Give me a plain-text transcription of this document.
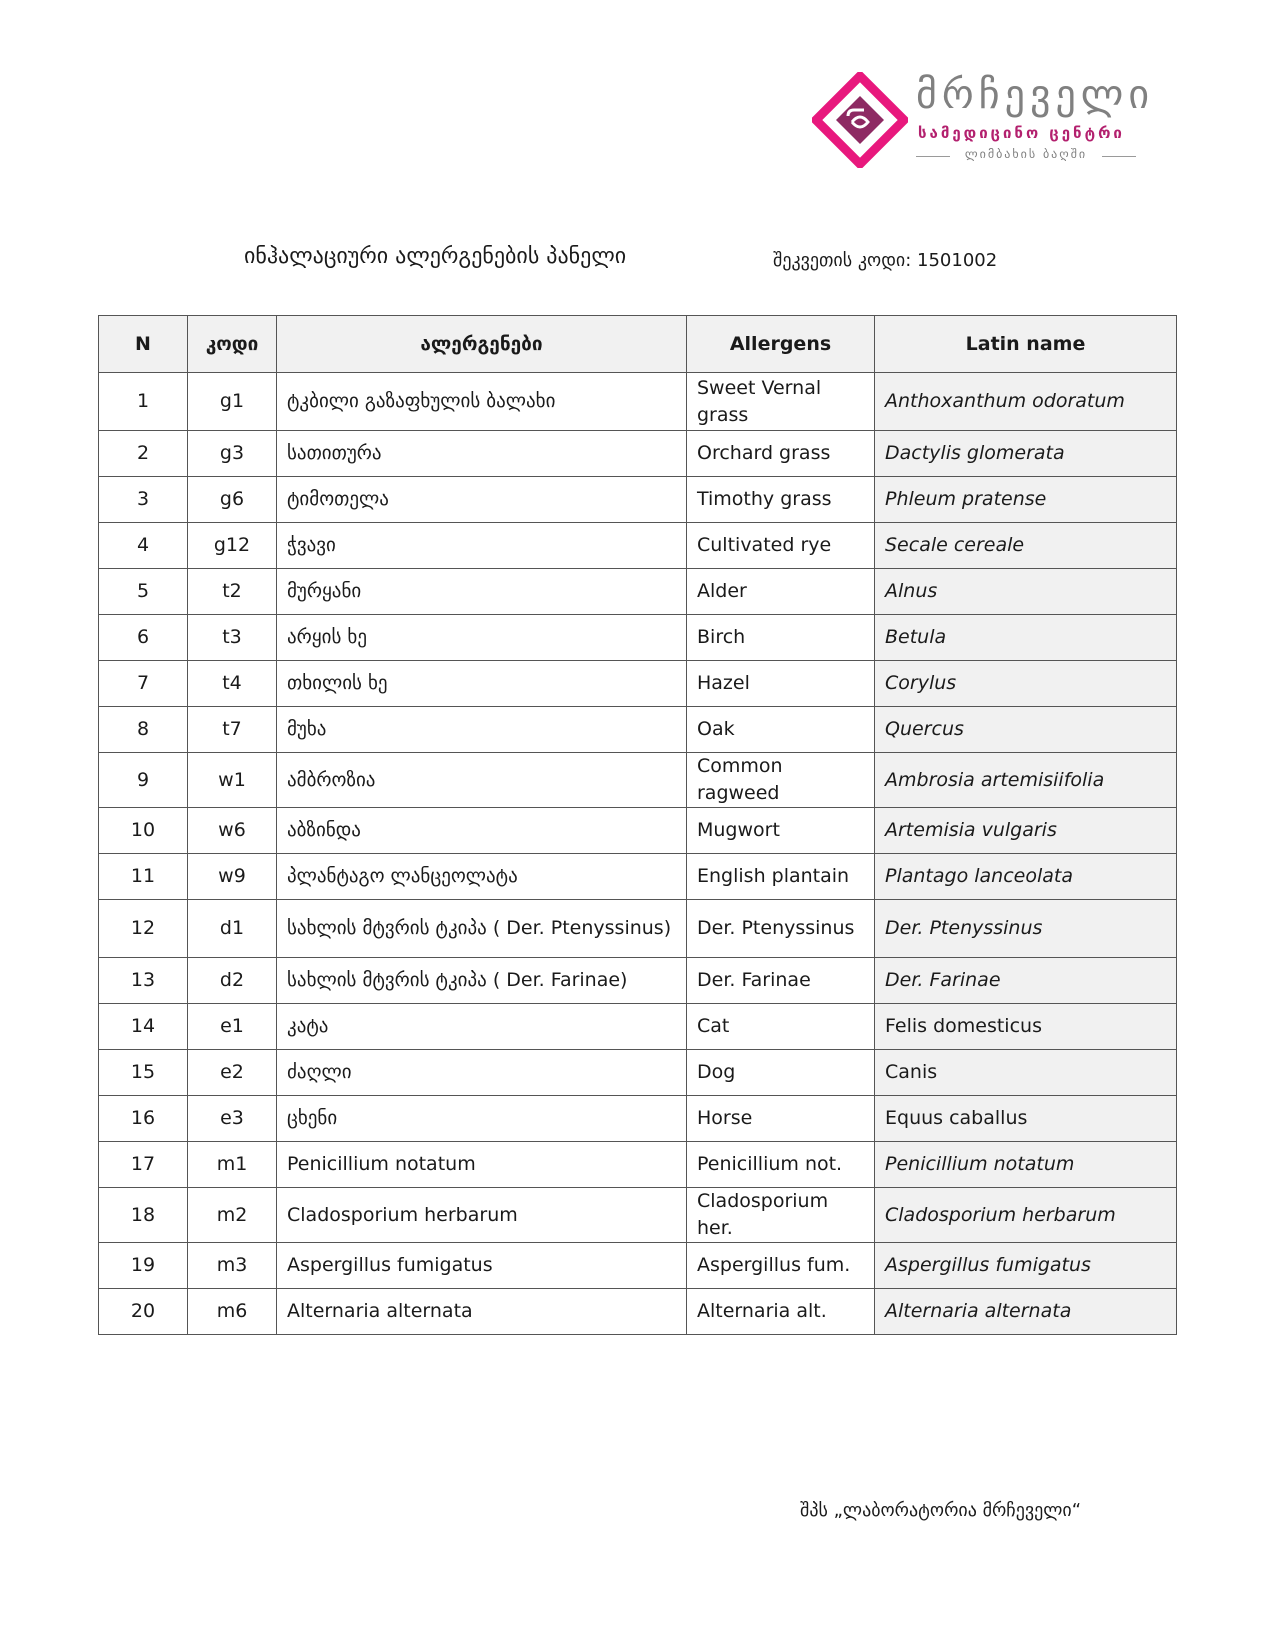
მრჩეველი
სამედიცინო ცენტრი
ლიმბახის ბაღში
ინჰალაციური ალერგენების პანელი	შეკვეთის კოდი: 1501002
N	კოდი	ალერგენები	Allergens	Latin name

1	g1	ტკბილი გაზაფხულის ბალახი	Sweet Vernal grass	Anthoxanthum odoratum

2	g3	სათითურა	Orchard grass	Dactylis glomerata

3	g6	ტიმოთელა	Timothy grass	Phleum pratense

4	g12	ჭვავი	Cultivated rye	Secale cereale

5	t2	მურყანი	Alder	Alnus

6	t3	არყის ხე	Birch	Betula

7	t4	თხილის ხე	Hazel	Corylus

8	t7	მუხა	Oak	Quercus

9	w1	ამბროზია	Common ragweed	Ambrosia artemisiifolia

10	w6	აბზინდა	Mugwort	Artemisia vulgaris

11	w9	პლანტაგო ლანცეოლატა	English plantain	Plantago lanceolata

12	d1	სახლის მტვრის ტკიპა ( Der. Ptenyssinus)	Der. Ptenyssinus	Der. Ptenyssinus

13	d2	სახლის მტვრის ტკიპა ( Der. Farinae)	Der. Farinae	Der. Farinae

14	e1	კატა	Cat	Felis domesticus

15	e2	ძაღლი	Dog	Canis

16	e3	ცხენი	Horse	Equus caballus

17	m1	Penicillium notatum	Penicillium not.	Penicillium notatum

18	m2	Cladosporium herbarum	Cladosporium her.	Cladosporium herbarum

19	m3	Aspergillus fumigatus	Aspergillus fum.	Aspergillus fumigatus

20	m6	Alternaria alternata	Alternaria alt.	Alternaria alternata
შპს „ლაბორატორია მრჩეველი“
